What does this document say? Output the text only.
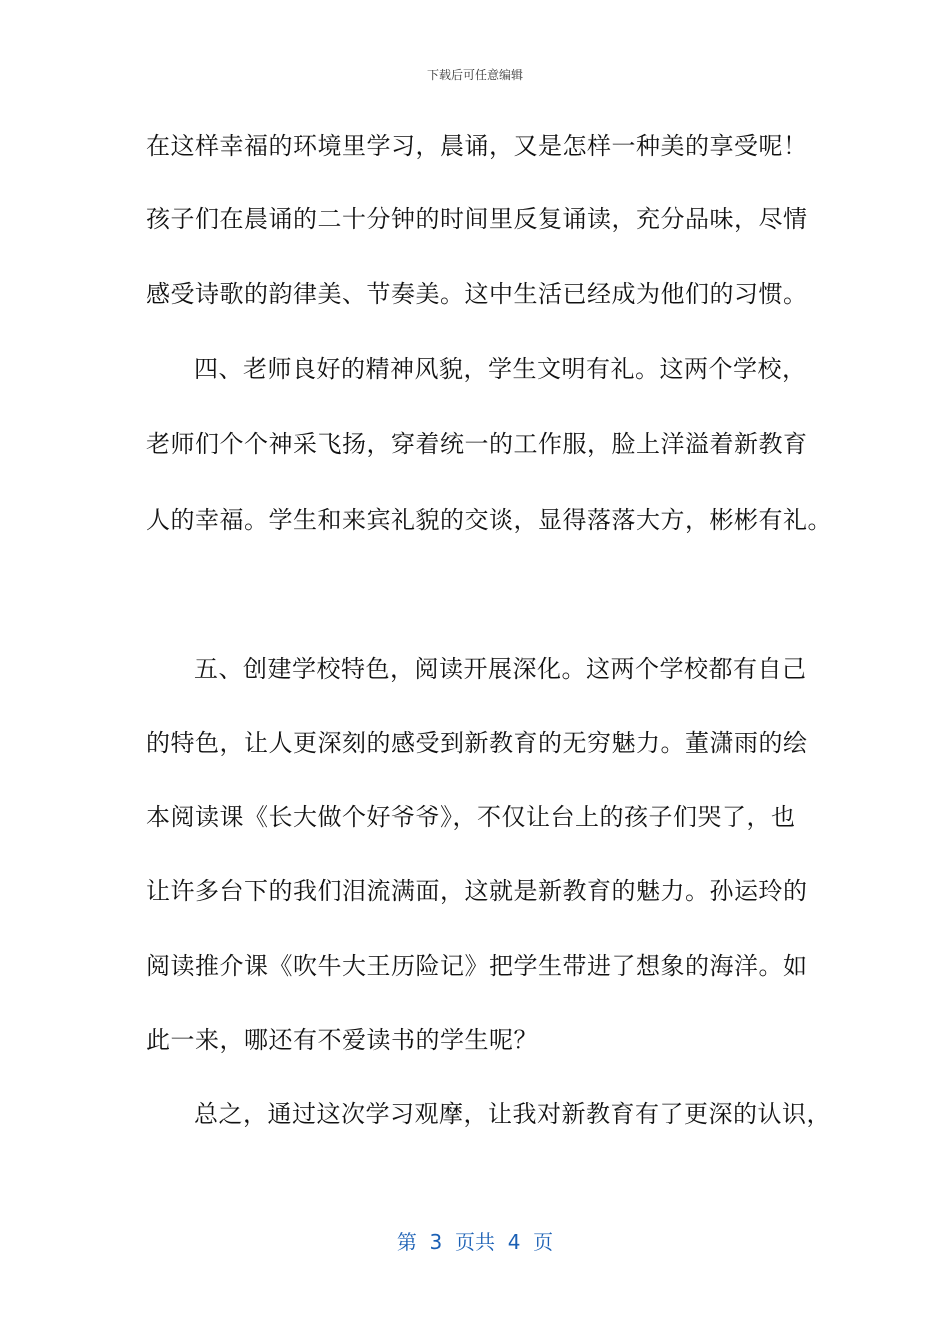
下载后可任意编辑
在这样幸福的环境里学习，晨诵，又是怎样一种美的享受呢！
孩子们在晨诵的二十分钟的时间里反复诵读，充分品味，尽情
感受诗歌的韵律美、节奏美。这中生活已经成为他们的习惯。
四、老师良好的精神风貌，学生文明有礼。这两个学校，
老师们个个神采飞扬，穿着统一的工作服，脸上洋溢着新教育
人的幸福。学生和来宾礼貌的交谈，显得落落大方，彬彬有礼。
五、创建学校特色，阅读开展深化。这两个学校都有自己
的特色，让人更深刻的感受到新教育的无穷魅力。董潇雨的绘
本阅读课《长大做个好爷爷》，不仅让台上的孩子们哭了，也
让许多台下的我们泪流满面，这就是新教育的魅力。孙运玲的
阅读推介课《吹牛大王历险记》把学生带进了想象的海洋。如
此一来，哪还有不爱读书的学生呢？
总之，通过这次学习观摩，让我对新教育有了更深的认识，
第  3  页共  4  页
